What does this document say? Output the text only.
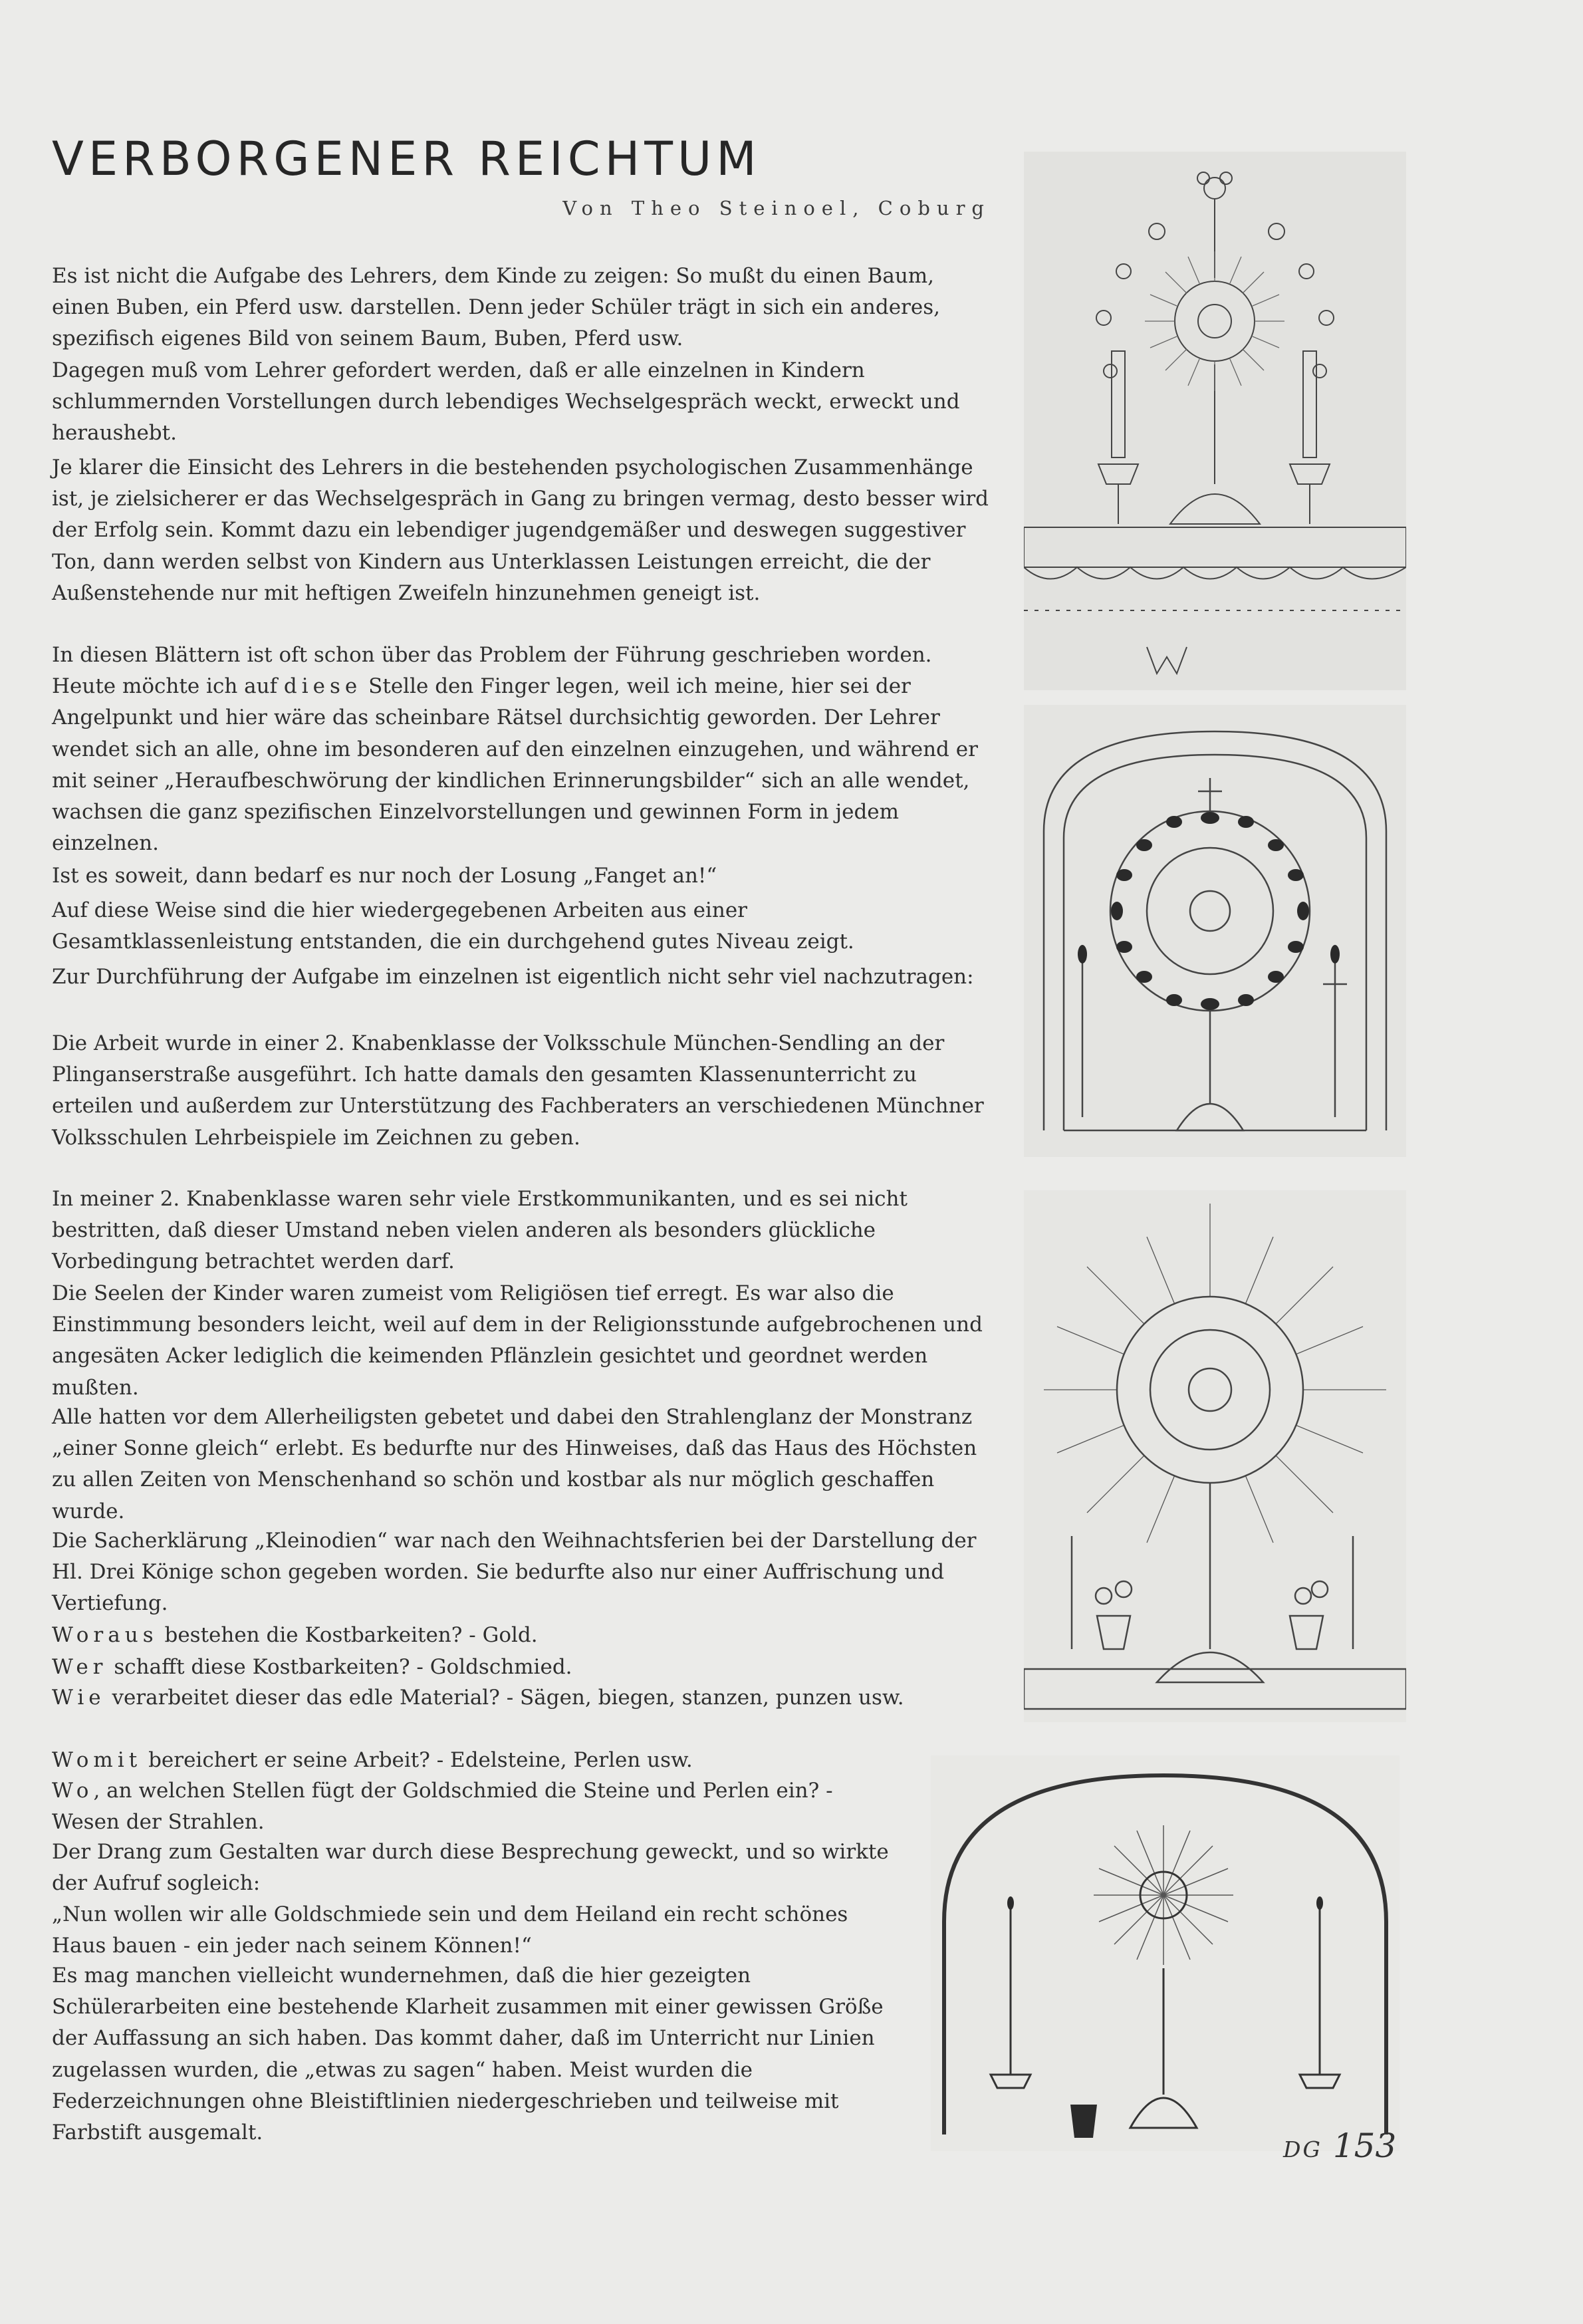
VERBORGENER REICHTUM

Von Theo Steinoel, Coburg

Es ist nicht die Aufgabe des Lehrers, dem Kinde zu zeigen: So mußt du einen Baum, einen Buben, ein Pferd usw. darstellen. Denn jeder Schüler trägt in sich ein anderes, spezifisch eigenes Bild von seinem Baum, Buben, Pferd usw.

Dagegen muß vom Lehrer gefordert werden, daß er alle einzelnen in Kindern schlummernden Vorstellungen durch lebendiges Wechselgespräch weckt, erweckt und heraushebt.

Je klarer die Einsicht des Lehrers in die bestehenden psychologischen Zusammenhänge ist, je zielsicherer er das Wechselgespräch in Gang zu bringen vermag, desto besser wird der Erfolg sein. Kommt dazu ein lebendiger jugendgemäßer und deswegen suggestiver Ton, dann werden selbst von Kindern aus Unterklassen Leistungen erreicht, die der Außenstehende nur mit heftigen Zweifeln hinzunehmen geneigt ist.

In diesen Blättern ist oft schon über das Problem der Führung geschrieben worden. Heute möchte ich auf diese Stelle den Finger legen, weil ich meine, hier sei der Angelpunkt und hier wäre das scheinbare Rätsel durchsichtig geworden. Der Lehrer wendet sich an alle, ohne im besonderen auf den einzelnen einzugehen, und während er mit seiner „Heraufbeschwörung der kindlichen Erinnerungsbilder“ sich an alle wendet, wachsen die ganz spezifischen Einzelvorstellungen und gewinnen Form in jedem einzelnen.

Ist es soweit, dann bedarf es nur noch der Losung „Fanget an!“

Auf diese Weise sind die hier wiedergegebenen Arbeiten aus einer Gesamtklassenleistung entstanden, die ein durchgehend gutes Niveau zeigt.

Zur Durchführung der Aufgabe im einzelnen ist eigentlich nicht sehr viel nachzutragen:

Die Arbeit wurde in einer 2. Knabenklasse der Volksschule München-Sendling an der Plinganserstraße ausgeführt. Ich hatte damals den gesamten Klassenunterricht zu erteilen und außerdem zur Unterstützung des Fachberaters an verschiedenen Münchner Volksschulen Lehrbeispiele im Zeichnen zu geben.

In meiner 2. Knabenklasse waren sehr viele Erstkommunikanten, und es sei nicht bestritten, daß dieser Umstand neben vielen anderen als besonders glückliche Vorbedingung betrachtet werden darf.

Die Seelen der Kinder waren zumeist vom Religiösen tief erregt. Es war also die Einstimmung besonders leicht, weil auf dem in der Religionsstunde aufgebrochenen und angesäten Acker lediglich die keimenden Pflänzlein gesichtet und geordnet werden mußten.

Alle hatten vor dem Allerheiligsten gebetet und dabei den Strahlenglanz der Monstranz „einer Sonne gleich“ erlebt. Es bedurfte nur des Hinweises, daß das Haus des Höchsten zu allen Zeiten von Menschenhand so schön und kostbar als nur möglich geschaffen wurde.

Die Sacherklärung „Kleinodien“ war nach den Weihnachtsferien bei der Darstellung der Hl. Drei Könige schon gegeben worden. Sie bedurfte also nur einer Auffrischung und Vertiefung.

Woraus bestehen die Kostbarkeiten? - Gold.

Wer schafft diese Kostbarkeiten? - Goldschmied.

Wie verarbeitet dieser das edle Material? - Sägen, biegen, stanzen, punzen usw.

Womit bereichert er seine Arbeit? - Edelsteine, Perlen usw.

Wo, an welchen Stellen fügt der Goldschmied die Steine und Perlen ein? - Wesen der Strahlen.

Der Drang zum Gestalten war durch diese Besprechung geweckt, und so wirkte der Aufruf sogleich:

„Nun wollen wir alle Goldschmiede sein und dem Heiland ein recht schönes Haus bauen - ein jeder nach seinem Können!“

Es mag manchen vielleicht wundernehmen, daß die hier gezeigten Schülerarbeiten eine bestehende Klarheit zusammen mit einer gewissen Größe der Auffassung an sich haben. Das kommt daher, daß im Unterricht nur Linien zugelassen wurden, die „etwas zu sagen“ haben. Meist wurden die Federzeichnungen ohne Bleistiftlinien niedergeschrieben und teilweise mit Farbstift ausgemalt.

DG 153
